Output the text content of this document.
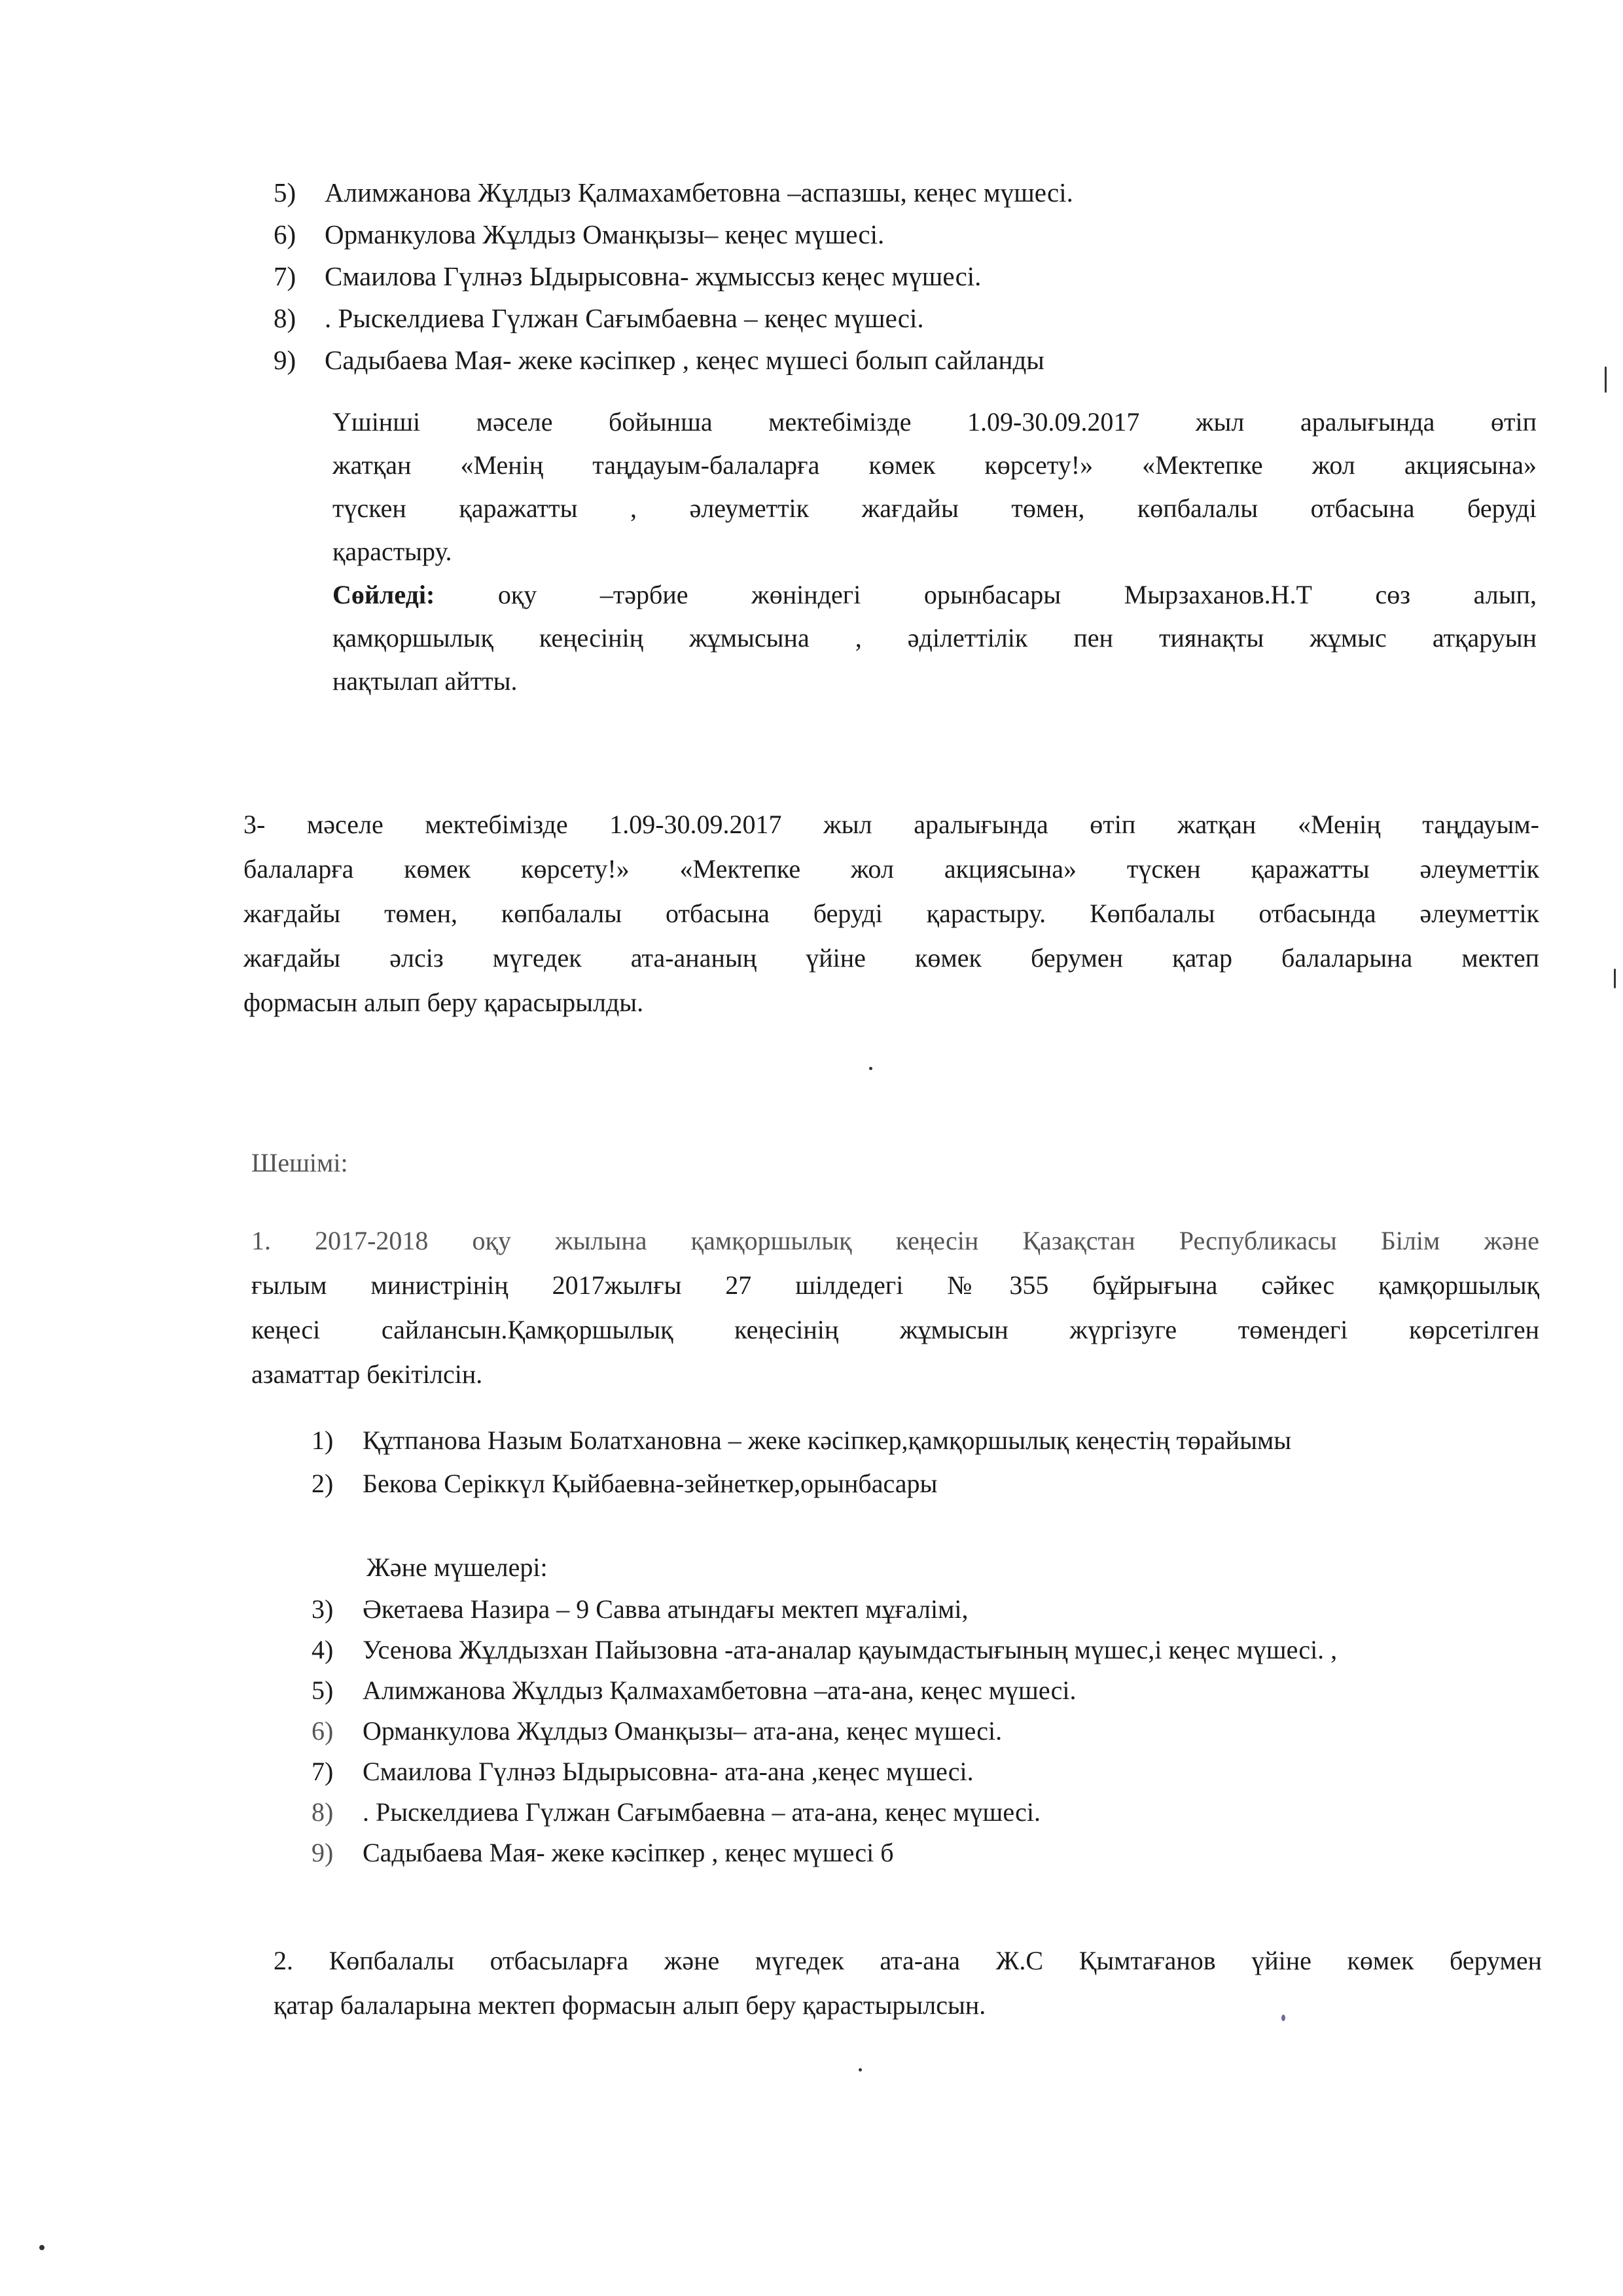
5)	Алимжанова Жұлдыз Қалмахамбетовна –аспазшы, кеңес мүшесі.
6)	Орманкулова Жұлдыз Оманқызы– кеңес мүшесі.
7)	Смаилова Гүлнәз Ыдырысовна- жұмыссыз кеңес мүшесі.
8)	. Рыскелдиева Гүлжан Сағымбаевна – кеңес мүшесі.
9)	Садыбаева Мая- жеке кәсіпкер , кеңес мүшесі болып сайланды
Үшінші мәселе бойынша мектебімізде 1.09-30.09.2017 жыл аралығында өтіп
жатқан «Менің таңдауым-балаларға көмек көрсету!» «Мектепке жол акциясына»
түскен қаражатты , әлеуметтік жағдайы төмен, көпбалалы отбасына беруді
қарастыру.
Сөйледі: оқу –тәрбие жөніндегі орынбасары Мырзаханов.Н.Т сөз алып,
қамқоршылық кеңесінің жұмысына , әділеттілік пен тиянақты жұмыс атқаруын
нақтылап айтты.
3- мәселе мектебімізде 1.09-30.09.2017 жыл аралығында өтіп жатқан «Менің таңдауым-
балаларға көмек көрсету!» «Мектепке жол акциясына» түскен қаражатты әлеуметтік
жағдайы төмен, көпбалалы отбасына беруді қарастыру. Көпбалалы отбасында әлеуметтік
жағдайы әлсіз мүгедек ата-ананың үйіне көмек берумен қатар балаларына мектеп
формасын алып беру қарасырылды.
Шешімі:
1. 2017-2018 оқу жылына қамқоршылық кеңесін Қазақстан Республикасы Білім және
ғылым министрінің 2017жылғы 27 шілдедегі №355 бұйрығына сәйкес қамқоршылық
кеңесі сайлансын.Қамқоршылық кеңесінің жұмысын жүргізуге төмендегі көрсетілген
азаматтар бекітілсін.
1)	Құтпанова Назым Болатхановна – жеке кәсіпкер,қамқоршылық кеңестің төрайымы
2)	Бекова Серіккүл Қыйбаевна-зейнеткер,орынбасары
Және мүшелері:
3)	Әкетаева Назира – 9 Савва атындағы мектеп мұғалімі,
4)	Усенова Жұлдызхан Пайызовна -ата-аналар қауымдастығының мүшес,і кеңес мүшесі. ,
5)	Алимжанова Жұлдыз Қалмахамбетовна –ата-ана, кеңес мүшесі.
6)	Орманкулова Жұлдыз Оманқызы– ата-ана, кеңес мүшесі.
7)	Смаилова Гүлнәз Ыдырысовна- ата-ана ,кеңес мүшесі.
8)	. Рыскелдиева Гүлжан Сағымбаевна – ата-ана, кеңес мүшесі.
9)	Садыбаева Мая- жеке кәсіпкер , кеңес мүшесі б
2. Көпбалалы отбасыларға және мүгедек ата-ана Ж.С Қымтағанов үйіне көмек берумен
қатар балаларына мектеп формасын алып беру қарастырылсын.
